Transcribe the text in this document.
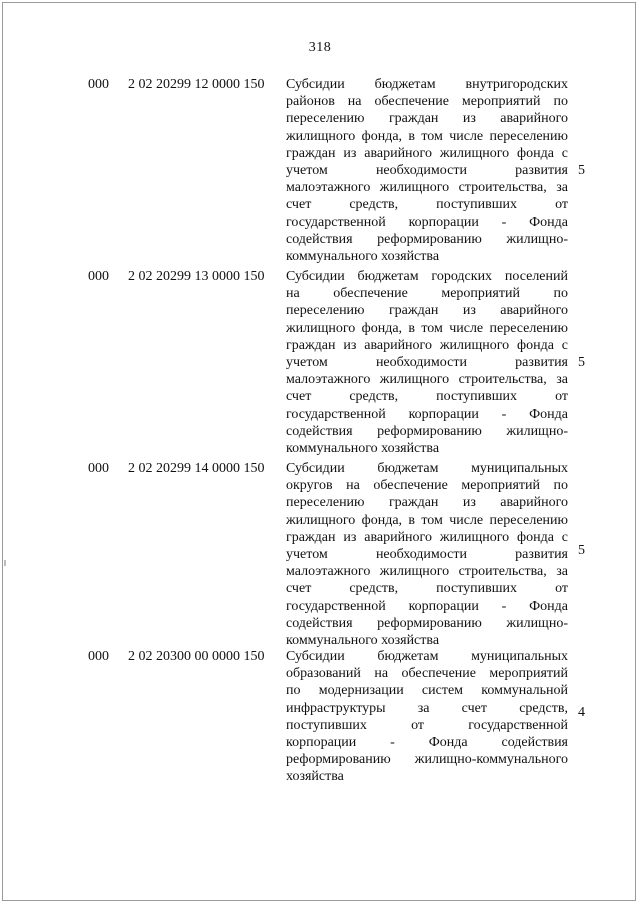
318
000 2 02 20299 12 0000 150 Субсидии бюджетам внутригородских
районов на обеспечение мероприятий по
переселению граждан из аварийного
жилищного фонда, в том числе переселению
граждан из аварийного жилищного фонда с
учетом необходимости развития
малоэтажного жилищного строительства, за
счет средств, поступивших от
государственной корпорации - Фонда
содействия реформированию жилищно-
коммунального хозяйства
5
000 2 02 20299 13 0000 150 Субсидии бюджетам городских поселений
на обеспечение мероприятий по
переселению граждан из аварийного
жилищного фонда, в том числе переселению
граждан из аварийного жилищного фонда с
учетом необходимости развития
малоэтажного жилищного строительства, за
счет средств, поступивших от
государственной корпорации - Фонда
содействия реформированию жилищно-
коммунального хозяйства
5
000 2 02 20299 14 0000 150 Субсидии бюджетам муниципальных
округов на обеспечение мероприятий по
переселению граждан из аварийного
жилищного фонда, в том числе переселению
граждан из аварийного жилищного фонда с
учетом необходимости развития
малоэтажного жилищного строительства, за
счет средств, поступивших от
государственной корпорации - Фонда
содействия реформированию жилищно-
коммунального хозяйства
5
000 2 02 20300 00 0000 150 Субсидии бюджетам муниципальных
образований на обеспечение мероприятий
по модернизации систем коммунальной
инфраструктуры за счет средств,
поступивших от государственной
корпорации - Фонда содействия
реформированию жилищно-коммунального
хозяйства
4
